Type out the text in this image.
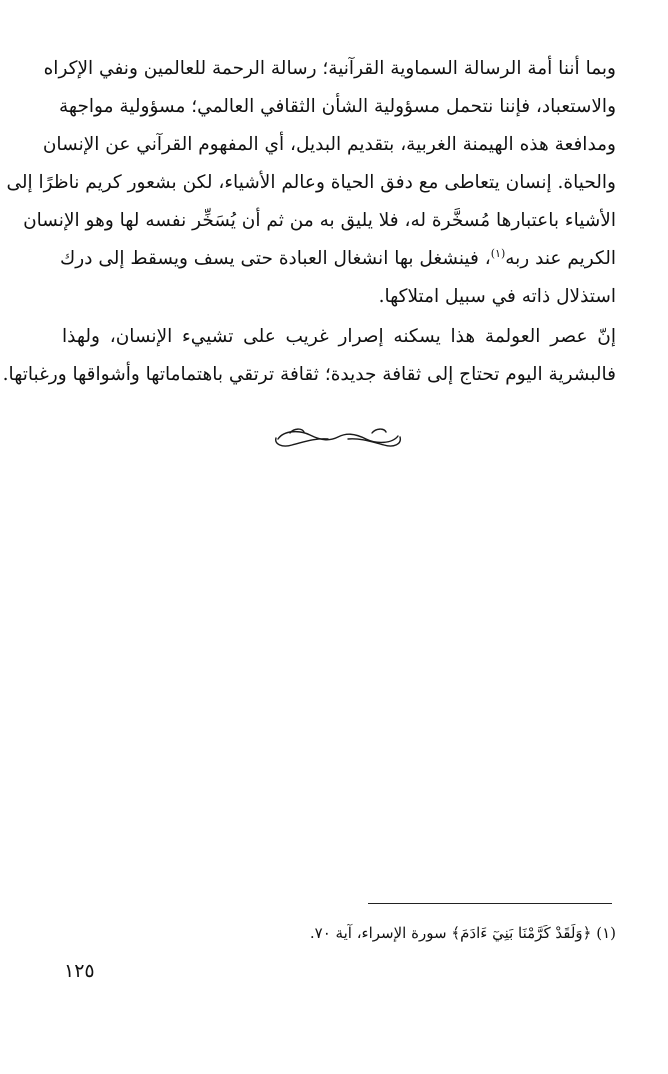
وبما أننا أمة الرسالة السماوية القرآنية؛ رسالة الرحمة للعالمين ونفي الإكراه
والاستعباد، فإننا نتحمل مسؤولية الشأن الثقافي العالمي؛ مسؤولية مواجهة
ومدافعة هذه الهيمنة الغربية، بتقديم البديل، أي المفهوم القرآني عن الإنسان
والحياة. إنسان يتعاطى مع دفق الحياة وعالم الأشياء، لكن بشعور كريم ناظرًا إلى
الأشياء باعتبارها مُسخَّرة له، فلا يليق به من ثم أن يُسَخِّر نفسه لها وهو الإنسان
الكريم عند ربه$^{(١)}$، فينشغل بها انشغال العبادة حتى يسف ويسقط إلى درك
استذلال ذاته في سبيل امتلاكها.
إنّ عصر العولمة هذا يسكنه إصرار غريب على تشييء الإنسان، ولهذا
فالبشرية اليوم تحتاج إلى ثقافة جديدة؛ ثقافة ترتقي باهتماماتها وأشواقها ورغباتها.
(١) ﴿وَلَقَدْ كَرَّمْنَا بَنِيٓ ءَادَمَ﴾ سورة الإسراء، آية ٧٠.
١٢٥
